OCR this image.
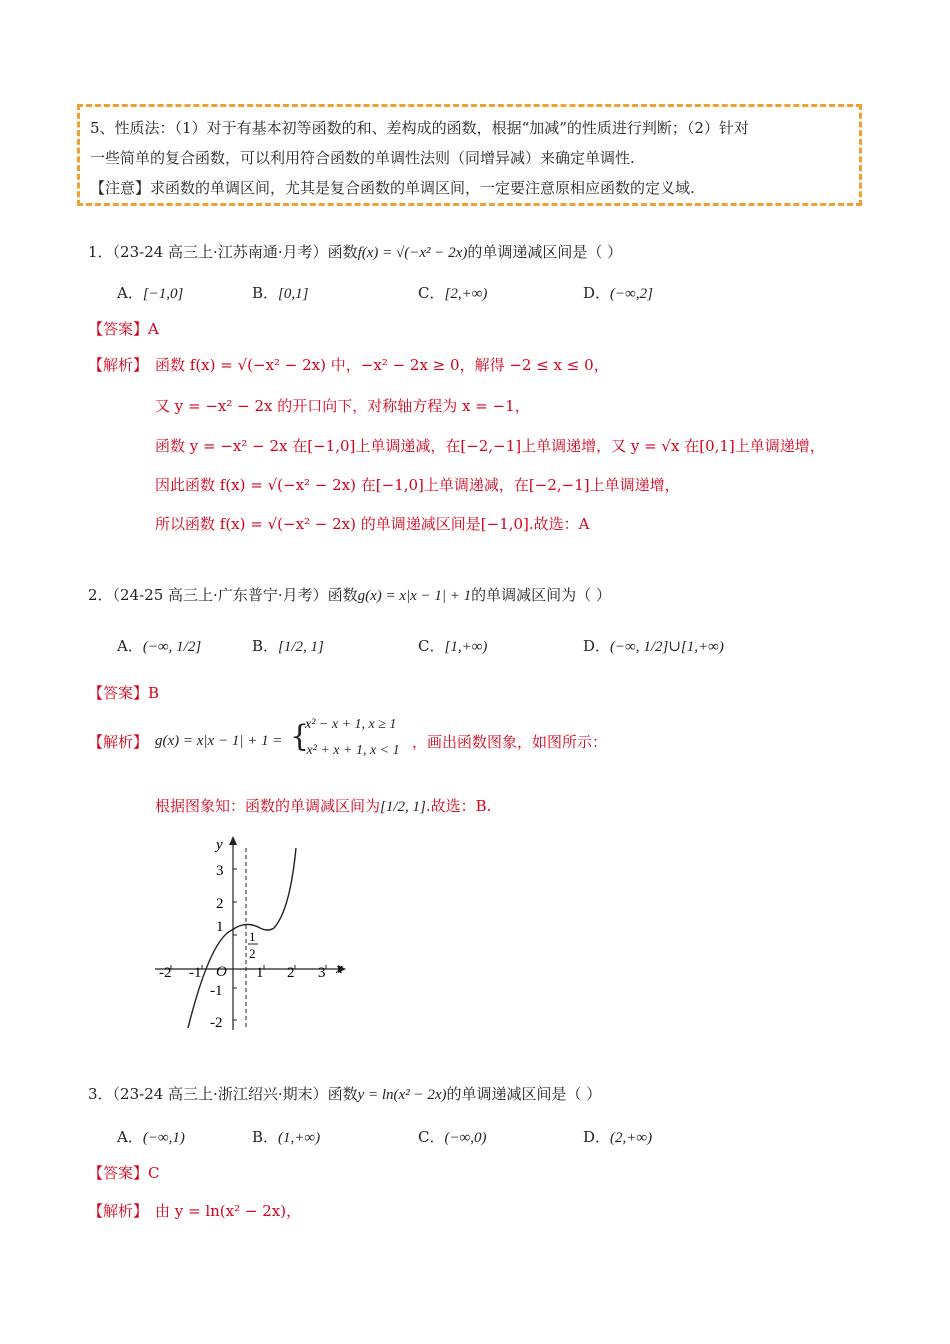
5、性质法：（1）对于有基本初等函数的和、差构成的函数，根据“加减”的性质进行判断；（2）针对
一些简单的复合函数，可以利用符合函数的单调性法则（同增异减）来确定单调性.
【注意】求函数的单调区间，尤其是复合函数的单调区间，一定要注意原相应函数的定义域.
1．（23-24 高三上·江苏南通·月考）函数f(x) = √(−x² − 2x)的单调递减区间是（ ）
A．[−1,0]	B．[0,1]	C．[2,+∞)	D．(−∞,2]
【答案】A
【解析】 函数 f(x) = √(−x² − 2x) 中，−x² − 2x ≥ 0，解得 −2 ≤ x ≤ 0，
又 y = −x² − 2x 的开口向下，对称轴方程为 x = −1，
函数 y = −x² − 2x 在[−1,0]上单调递减，在[−2,−1]上单调递增，又 y = √x 在[0,1]上单调递增，
因此函数 f(x) = √(−x² − 2x) 在[−1,0]上单调递减，在[−2,−1]上单调递增，
所以函数 f(x) = √(−x² − 2x) 的单调递减区间是[−1,0].故选：A
2．（24-25 高三上·广东普宁·月考）函数g(x) = x|x − 1| + 1的单调减区间为（ ）
A．(−∞, 1/2]	B．[1/2, 1]	C．[1,+∞)	D．(−∞, 1/2]∪[1,+∞)
【答案】B
【解析】 g(x) = x|x − 1| + 1 = {
x² − x + 1, x ≥ 1
−x² + x + 1, x < 1 ，画出函数图象，如图所示：
根据图象知：函数的单调减区间为[1/2, 1].故选：B.
y
x
O
-2 -1	1 2 3
3
2
1
-1
-2
1
2
3．（23-24 高三上·浙江绍兴·期末）函数y = ln(x² − 2x)的单调递减区间是（ ）
A．(−∞,1)	B．(1,+∞)	C．(−∞,0)	D．(2,+∞)
【答案】C
【解析】 由 y = ln(x² − 2x)，
